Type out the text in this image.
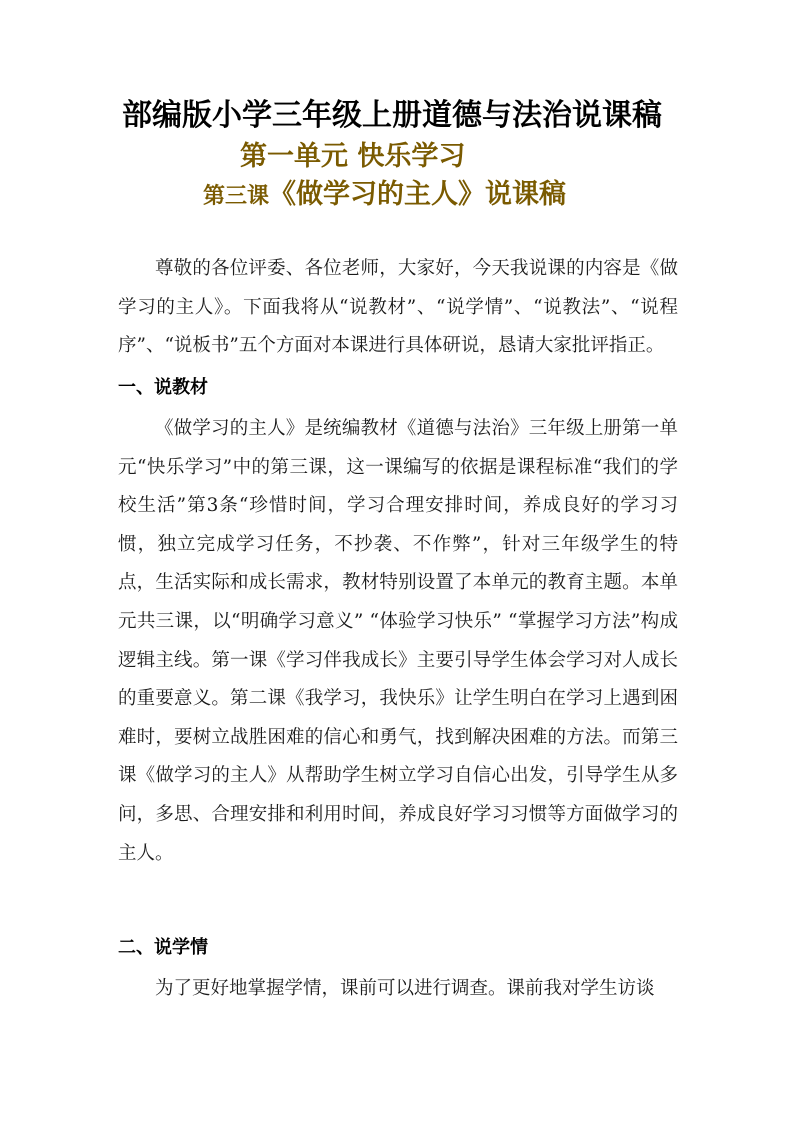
部编版小学三年级上册道德与法治说课稿
第一单元 快乐学习
第三课《做学习的主人》说课稿
尊敬的各位评委、各位老师，大家好，今天我说课的内容是《做学习的主人》。下面我将从“说教材”、“说学情”、“说教法”、“说程序”、“说板书”五个方面对本课进行具体研说，恳请大家批评指正。
一、说教材
《做学习的主人》是统编教材《道德与法治》三年级上册第一单元“快乐学习”中的第三课，这一课编写的依据是课程标准“我们的学校生活”第3条“珍惜时间，学习合理安排时间，养成良好的学习习惯，独立完成学习任务，不抄袭、不作弊”，针对三年级学生的特点，生活实际和成长需求，教材特别设置了本单元的教育主题。本单元共三课，以“明确学习意义” “体验学习快乐” “掌握学习方法”构成逻辑主线。第一课《学习伴我成长》主要引导学生体会学习对人成长的重要意义。第二课《我学习，我快乐》让学生明白在学习上遇到困难时，要树立战胜困难的信心和勇气，找到解决困难的方法。而第三课《做学习的主人》从帮助学生树立学习自信心出发，引导学生从多问，多思、合理安排和利用时间，养成良好学习习惯等方面做学习的主人。
二、说学情
为了更好地掌握学情，课前可以进行调查。课前我对学生访谈
